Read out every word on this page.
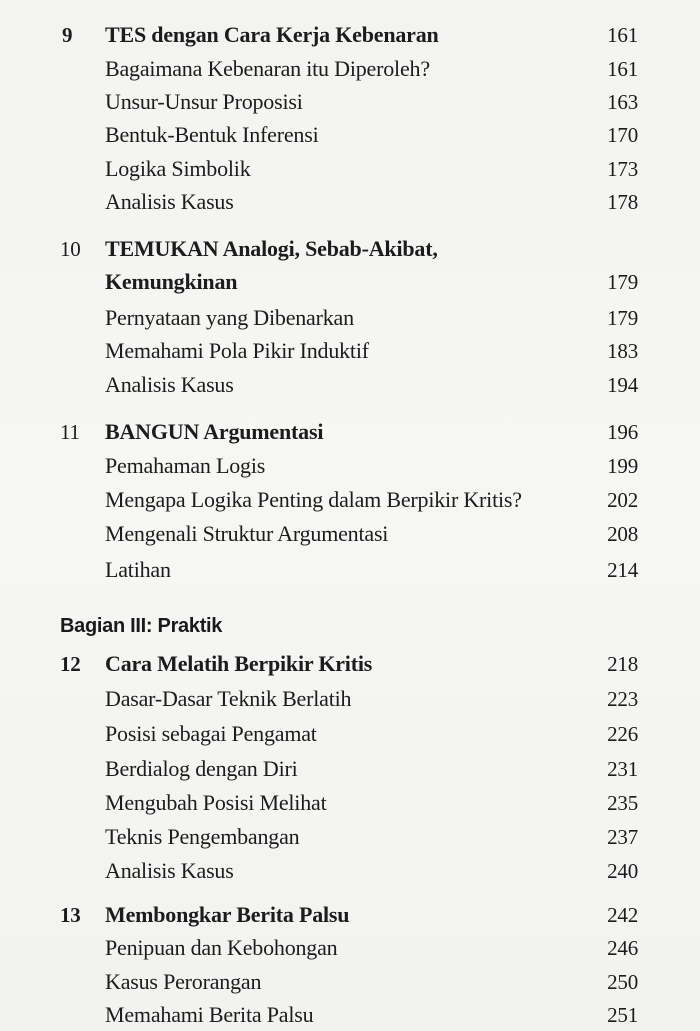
9 TES dengan Cara Kerja Kebenaran	161
Bagaimana Kebenaran itu Diperoleh?	161
Unsur-Unsur Proposisi	163
Bentuk-Bentuk Inferensi	170
Logika Simbolik	173
Analisis Kasus	178
10 TEMUKAN Analogi, Sebab-Akibat,
Kemungkinan	179
Pernyataan yang Dibenarkan	179
Memahami Pola Pikir Induktif	183
Analisis Kasus	194
11 BANGUN Argumentasi	196
Pemahaman Logis	199
Mengapa Logika Penting dalam Berpikir Kritis?	202
Mengenali Struktur Argumentasi	208
Latihan	214
Bagian III: Praktik
12 Cara Melatih Berpikir Kritis	218
Dasar-Dasar Teknik Berlatih	223
Posisi sebagai Pengamat	226
Berdialog dengan Diri	231
Mengubah Posisi Melihat	235
Teknis Pengembangan	237
Analisis Kasus	240
13 Membongkar Berita Palsu	242
Penipuan dan Kebohongan	246
Kasus Perorangan	250
Memahami Berita Palsu	251
